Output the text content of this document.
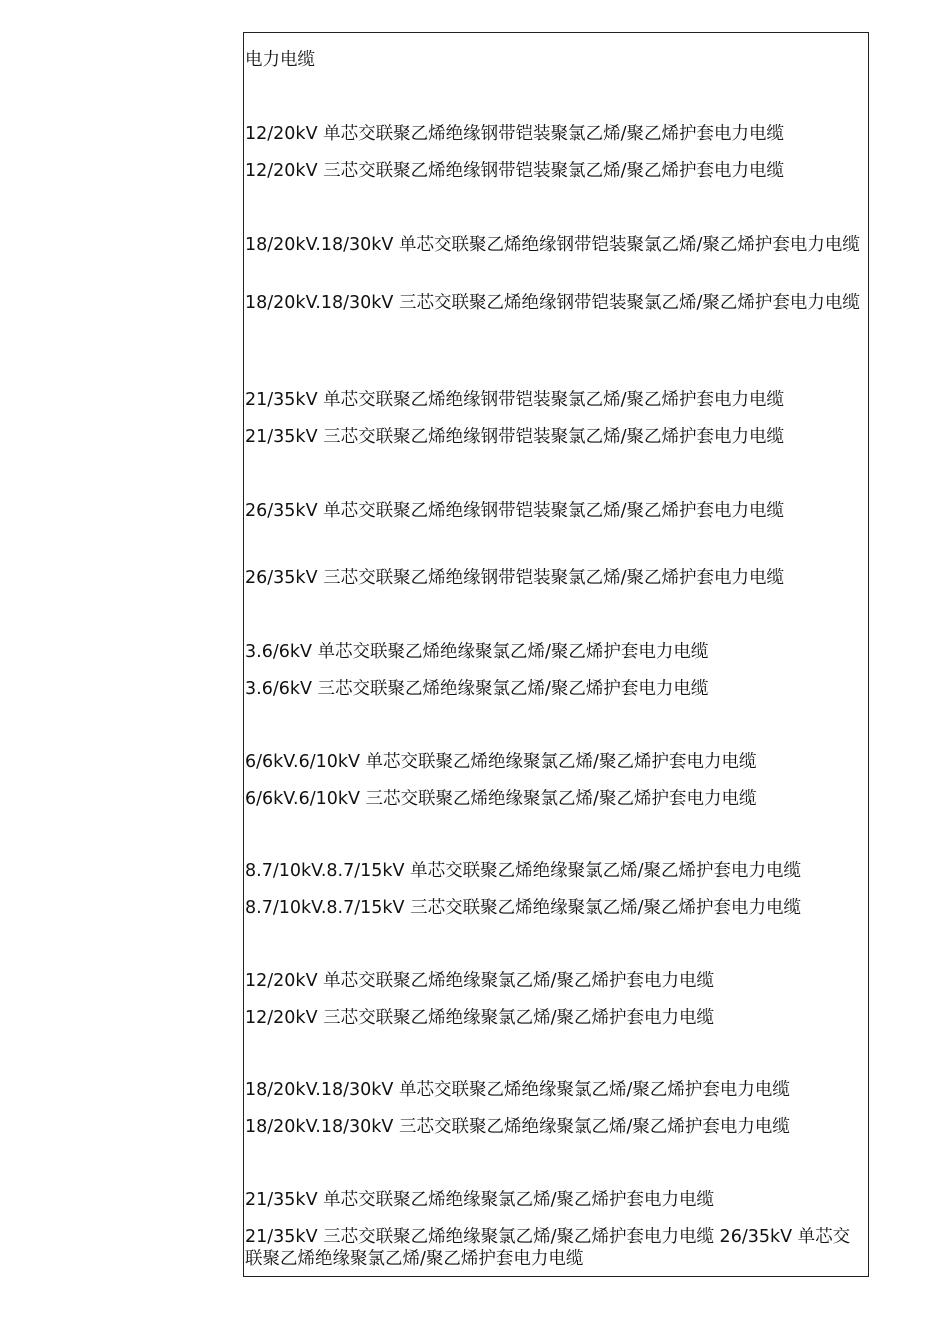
电力电缆
12/20kV 单芯交联聚乙烯绝缘钢带铠装聚氯乙烯/聚乙烯护套电力电缆
12/20kV 三芯交联聚乙烯绝缘钢带铠装聚氯乙烯/聚乙烯护套电力电缆
18/20kV.18/30kV 单芯交联聚乙烯绝缘钢带铠装聚氯乙烯/聚乙烯护套电力电缆
18/20kV.18/30kV 三芯交联聚乙烯绝缘钢带铠装聚氯乙烯/聚乙烯护套电力电缆
21/35kV 单芯交联聚乙烯绝缘钢带铠装聚氯乙烯/聚乙烯护套电力电缆
21/35kV 三芯交联聚乙烯绝缘钢带铠装聚氯乙烯/聚乙烯护套电力电缆
26/35kV 单芯交联聚乙烯绝缘钢带铠装聚氯乙烯/聚乙烯护套电力电缆
26/35kV 三芯交联聚乙烯绝缘钢带铠装聚氯乙烯/聚乙烯护套电力电缆
3.6/6kV 单芯交联聚乙烯绝缘聚氯乙烯/聚乙烯护套电力电缆
3.6/6kV 三芯交联聚乙烯绝缘聚氯乙烯/聚乙烯护套电力电缆
6/6kV.6/10kV 单芯交联聚乙烯绝缘聚氯乙烯/聚乙烯护套电力电缆
6/6kV.6/10kV 三芯交联聚乙烯绝缘聚氯乙烯/聚乙烯护套电力电缆
8.7/10kV.8.7/15kV 单芯交联聚乙烯绝缘聚氯乙烯/聚乙烯护套电力电缆
8.7/10kV.8.7/15kV 三芯交联聚乙烯绝缘聚氯乙烯/聚乙烯护套电力电缆
12/20kV 单芯交联聚乙烯绝缘聚氯乙烯/聚乙烯护套电力电缆
12/20kV 三芯交联聚乙烯绝缘聚氯乙烯/聚乙烯护套电力电缆
18/20kV.18/30kV 单芯交联聚乙烯绝缘聚氯乙烯/聚乙烯护套电力电缆
18/20kV.18/30kV 三芯交联聚乙烯绝缘聚氯乙烯/聚乙烯护套电力电缆
21/35kV 单芯交联聚乙烯绝缘聚氯乙烯/聚乙烯护套电力电缆
21/35kV 三芯交联聚乙烯绝缘聚氯乙烯/聚乙烯护套电力电缆 26/35kV 单芯交联聚乙烯绝缘聚氯乙烯/聚乙烯护套电力电缆
